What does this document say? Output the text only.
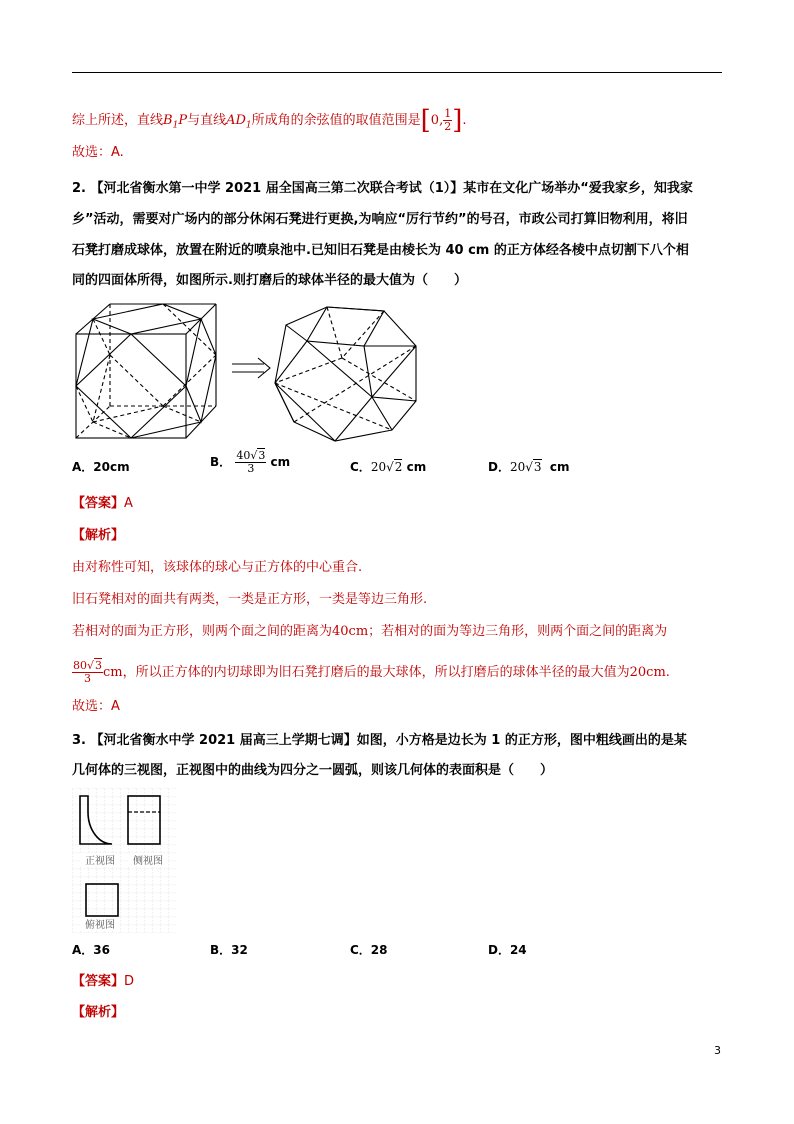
综上所述，直线$B_1P$与直线$AD_1$所成角的余弦值的取值范围是[0, $\frac{1}{2}$ ].
故选：A.
2. 【河北省衡水第一中学 2021 届全国高三第二次联合考试（1）】某市在文化广场举办“爱我家乡，知我家
乡”活动，需要对广场内的部分休闲石凳进行更换,为响应“厉行节约”的号召，市政公司打算旧物利用，将旧
石凳打磨成球体，放置在附近的喷泉池中.已知旧石凳是由棱长为 40 cm 的正方体经各棱中点切割下八个相
同的四面体所得，如图所示.则打磨后的球体半径的最大值为（　　）
A．20cm	B． $\frac{40√3}{3}$ cm	C．20√2 cm	D．20√3 cm
【答案】A
【解析】
由对称性可知，该球体的球心与正方体的中心重合.
旧石凳相对的面共有两类，一类是正方形，一类是等边三角形.
若相对的面为正方形，则两个面之间的距离为40cm；若相对的面为等边三角形，则两个面之间的距离为
$\frac{80√3}{3}$ cm，所以正方体的内切球即为旧石凳打磨后的最大球体，所以打磨后的球体半径的最大值为20cm.
故选：A
3. 【河北省衡水中学 2021 届高三上学期七调】如图，小方格是边长为 1 的正方形，图中粗线画出的是某
几何体的三视图，正视图中的曲线为四分之一圆弧，则该几何体的表面积是（　　）
正视图 侧视图
俯视图
A．36	B．32	C．28	D．24
【答案】D
【解析】
3
